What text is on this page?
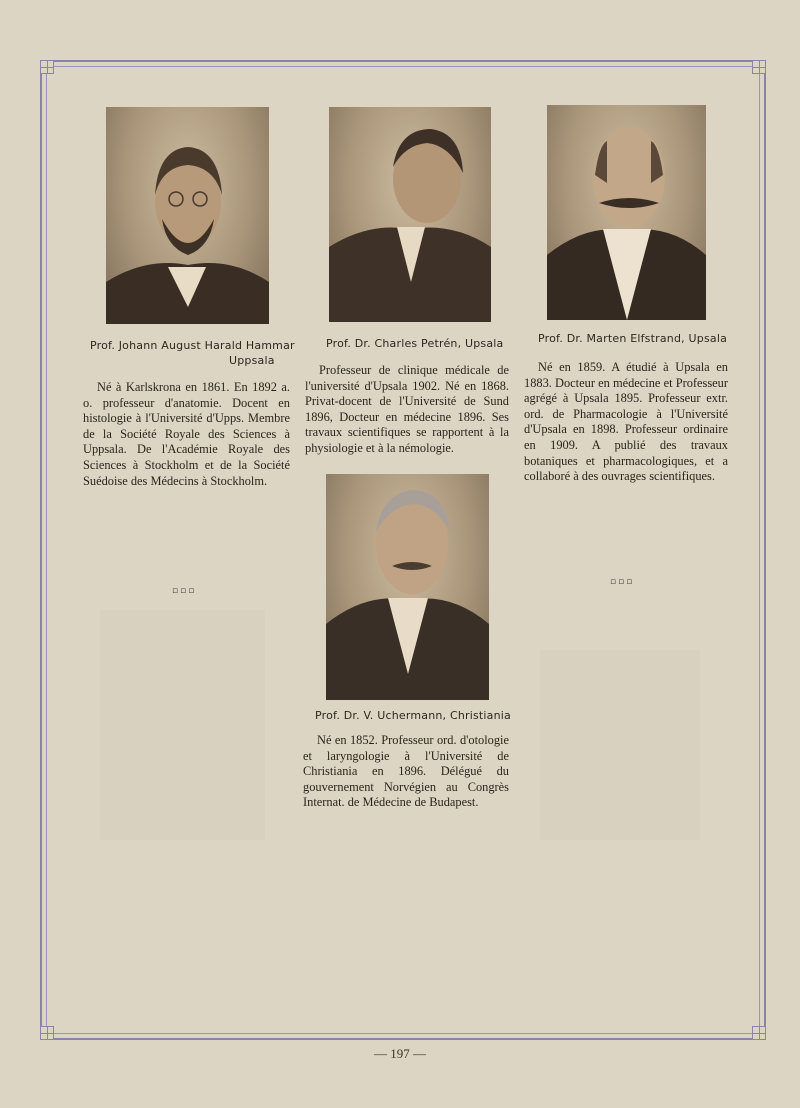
Prof. Johann August Harald Hammar
Uppsala
Prof. Dr. Charles Petrén, Upsala	Prof. Dr. Marten Elfstrand, Upsala
Prof. Dr. V. Uchermann, Christiania

Né à Karlskrona en 1861. En 1892 a. o. professeur d'anatomie. Docent en histologie à l'Université d'Upps. Membre de la Société Royale des Sciences à Uppsala. De l'Académie Royale des Sciences à Stockholm et de la Société Suédoise des Médecins à Stockholm.

Professeur de clinique médicale de l'université d'Upsala 1902. Né en 1868. Privat-docent de l'Université de Sund 1896, Docteur en médecine 1896. Ses travaux scientifiques se rapportent à la physiologie et à la némologie.

Né en 1859. A étudié à Upsala en 1883. Docteur en médecine et Professeur agrégé à Upsala 1895. Professeur extr. ord. de Pharmacologie à l'Université d'Upsala en 1898. Professeur ordinaire en 1909. A publié des travaux botaniques et pharmacologiques, et a collaboré à des ouvrages scientifiques.

Né en 1852. Professeur ord. d'otologie et laryngologie à l'Université de Christiania en 1896. Délégué du gouvernement Norvégien au Congrès Internat. de Médecine de Budapest.

▫▫▫
▫▫▫
— 197 —
